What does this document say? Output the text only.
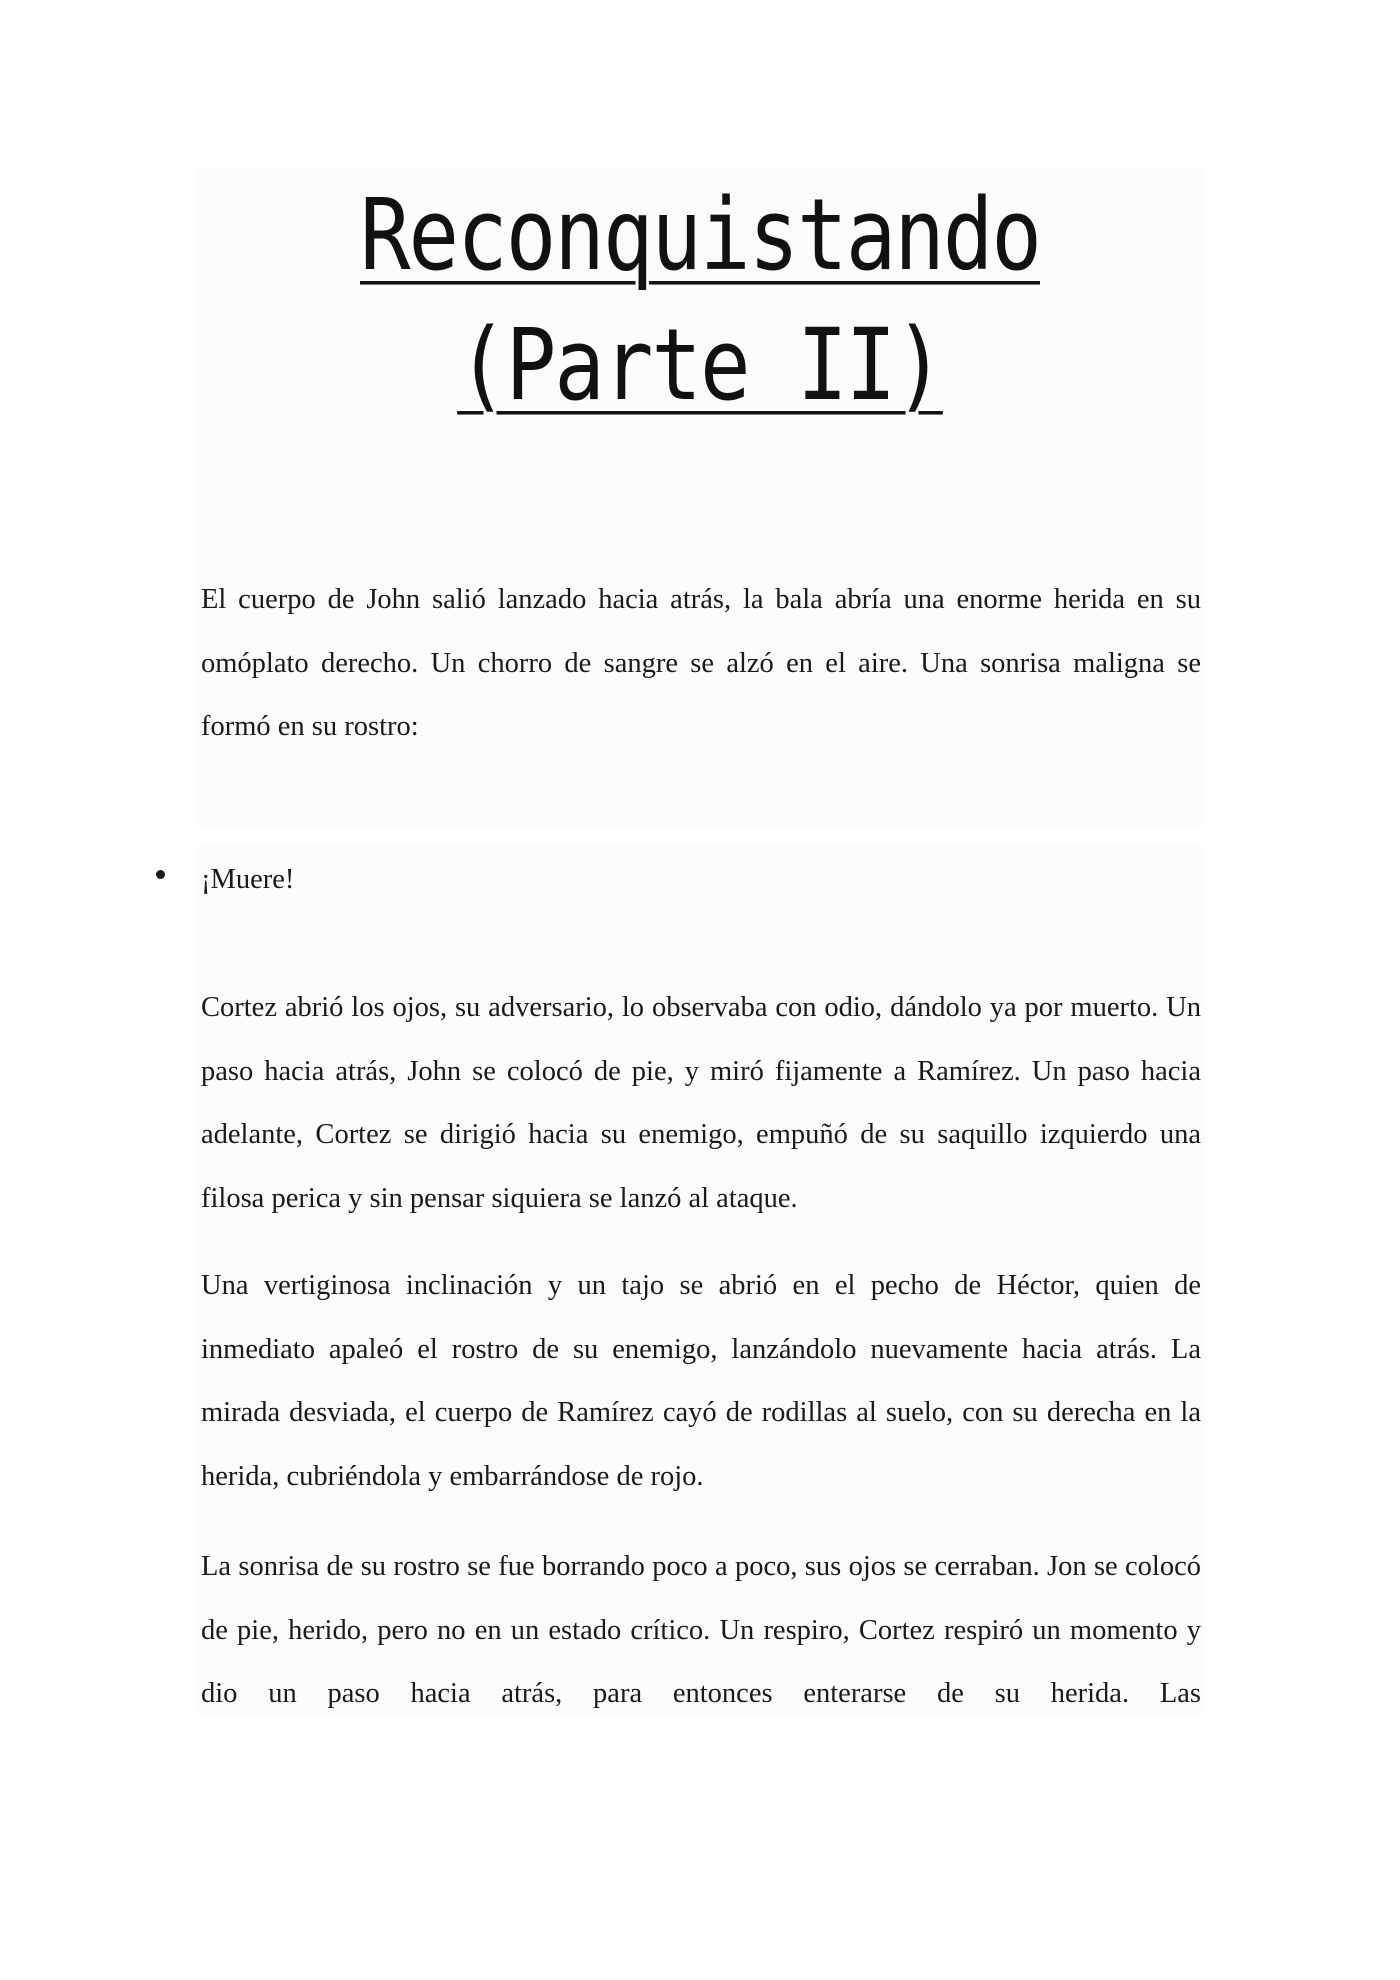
Reconquistando
(Parte II)

El cuerpo de John salió lanzado hacia atrás, la bala abría una enorme herida en su omóplato derecho. Un chorro de sangre se alzó en el aire. Una sonrisa maligna se formó en su rostro:

¡Muere!

Cortez abrió los ojos, su adversario, lo observaba con odio, dándolo ya por muerto. Un paso hacia atrás, John se colocó de pie, y miró fijamente a Ramírez. Un paso hacia adelante, Cortez se dirigió hacia su enemigo, empuñó de su saquillo izquierdo una filosa perica y sin pensar siquiera se lanzó al ataque.

Una vertiginosa inclinación y un tajo se abrió en el pecho de Héctor, quien de inmediato apaleó el rostro de su enemigo, lanzándolo nuevamente hacia atrás. La mirada desviada, el cuerpo de Ramírez cayó de rodillas al suelo, con su derecha en la herida, cubriéndola y embarrándose de rojo.

La sonrisa de su rostro se fue borrando poco a poco, sus ojos se cerraban. Jon se colocó de pie, herido, pero no en un estado crítico. Un respiro, Cortez respiró un momento y dio un paso hacia atrás, para entonces enterarse de su herida. Las
